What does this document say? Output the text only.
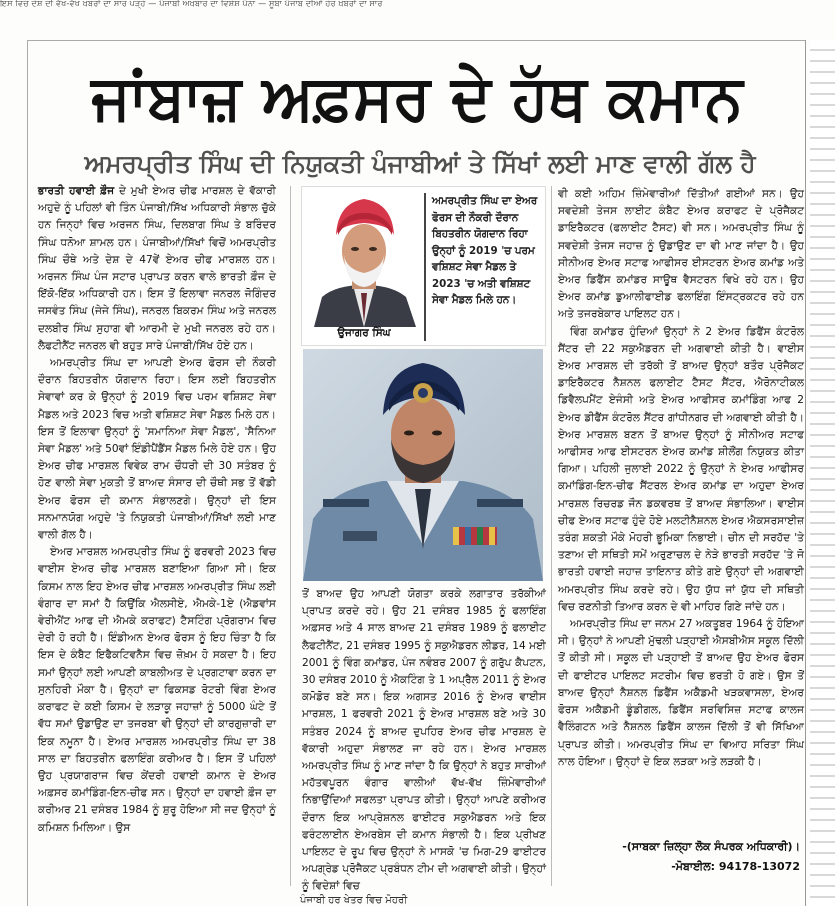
ਇਸ ਵਿਚ ਦੇਸ਼ ਦੀ ਵੱਖ-ਵੱਖ ਖ਼ਬਰਾਂ ਦਾ ਸਾਰ ਪੜ੍ਹੋ — ਪੰਜਾਬੀ ਅਖ਼ਬਾਰ ਦਾ ਵਿਸ਼ੇਸ਼ ਪੰਨਾ — ਸੂਬਾ ਪੰਜਾਬ ਦੀਆਂ ਹੋਰ ਖ਼ਬਰਾਂ ਦਾ ਸਾਰ
ਜਾਂਬਾਜ਼ ਅਫ਼ਸਰ ਦੇ ਹੱਥ ਕਮਾਨ
ਅਮਰਪ੍ਰੀਤ ਸਿੰਘ ਦੀ ਨਿਯੁਕਤੀ ਪੰਜਾਬੀਆਂ ਤੇ ਸਿੱਖਾਂ ਲਈ ਮਾਣ ਵਾਲੀ ਗੱਲ ਹੈ

ਭਾਰਤੀ ਹਵਾਈ ਫ਼ੌਜ ਦੇ ਮੁਖੀ ਏਅਰ ਚੀਫ ਮਾਰਸ਼ਲ ਦੇ ਵੱਕਾਰੀ ਅਹੁਦੇ ਨੂੰ ਪਹਿਲਾਂ ਵੀ ਤਿੰਨ ਪੰਜਾਬੀ/ਸਿੱਖ ਅਧਿਕਾਰੀ ਸੰਭਾਲ ਚੁੱਕੇ ਹਨ ਜਿਨ੍ਹਾਂ ਵਿਚ ਅਰਜਨ ਸਿੰਘ, ਦਿਲਬਾਗ ਸਿੰਘ ਤੇ ਬਰਿੰਦਰ ਸਿੰਘ ਧਨੋਆ ਸ਼ਾਮਲ ਹਨ। ਪੰਜਾਬੀਆਂ/ਸਿੱਖਾਂ ਵਿਚੋਂ ਅਮਰਪ੍ਰੀਤ ਸਿੰਘ ਚੌਥੇ ਅਤੇ ਦੇਸ਼ ਦੇ 47ਵੇਂ ਏਅਰ ਚੀਫ ਮਾਰਸ਼ਲ ਹਨ। ਅਰਜਨ ਸਿੰਘ ਪੰਜ ਸਟਾਰ ਪ੍ਰਾਪਤ ਕਰਨ ਵਾਲੇ ਭਾਰਤੀ ਫ਼ੌਜ ਦੇ ਇੱਕੋ-ਇੱਕ ਅਧਿਕਾਰੀ ਹਨ। ਇਸ ਤੋਂ ਇਲਾਵਾ ਜਨਰਲ ਜੋਗਿੰਦਰ ਜਸਵੰਤ ਸਿੰਘ (ਜੇਜੇ ਸਿੰਘ), ਜਨਰਲ ਬਿਕਰਮ ਸਿੰਘ ਅਤੇ ਜਨਰਲ ਦਲਬੀਰ ਸਿੰਘ ਸੁਹਾਗ ਵੀ ਆਰਮੀ ਦੇ ਮੁਖੀ ਜਨਰਲ ਰਹੇ ਹਨ। ਲੈਫਟੀਨੈਂਟ ਜਨਰਲ ਵੀ ਬਹੁਤ ਸਾਰੇ ਪੰਜਾਬੀ/ਸਿੱਖ ਹੋਏ ਹਨ।

ਅਮਰਪ੍ਰੀਤ ਸਿੰਘ ਦਾ ਆਪਣੀ ਏਅਰ ਫੋਰਸ ਦੀ ਨੌਕਰੀ ਦੌਰਾਨ ਬਿਹਤਰੀਨ ਯੋਗਦਾਨ ਰਿਹਾ। ਇਸ ਲਈ ਬਿਹਤਰੀਨ ਸੇਵਾਵਾਂ ਕਰ ਕੇ ਉਨ੍ਹਾਂ ਨੂੰ 2019 ਵਿਚ ਪਰਮ ਵਸ਼ਿਸ਼ਟ ਸੇਵਾ ਮੈਡਲ ਅਤੇ 2023 ਵਿਚ ਅਤੀ ਵਸ਼ਿਸ਼ਟ ਸੇਵਾ ਮੈਡਲ ਮਿਲੇ ਹਨ। ਇਸ ਤੋਂ ਇਲਾਵਾ ਉਨ੍ਹਾਂ ਨੂੰ 'ਸਮਾਨਿਆ ਸੇਵਾ ਮੈਡਲ', 'ਸੈਨਿਆ ਸੇਵਾ ਮੈਡਲ' ਅਤੇ 50ਵਾਂ ਇੰਡੀਪੈਂਡੈਂਸ ਮੈਡਲ ਮਿਲੇ ਹੋਏ ਹਨ। ਉਹ ਏਅਰ ਚੀਫ ਮਾਰਸ਼ਲ ਵਿਵੇਕ ਰਾਮ ਚੌਧਰੀ ਦੀ 30 ਸਤੰਬਰ ਨੂੰ ਹੋਣ ਵਾਲੀ ਸੇਵਾ ਮੁਕਤੀ ਤੋਂ ਬਾਅਦ ਸੰਸਾਰ ਦੀ ਚੌਥੀ ਸਭ ਤੋਂ ਵੱਡੀ ਏਅਰ ਫੋਰਸ ਦੀ ਕਮਾਨ ਸੰਭਾਲਣਗੇ। ਉਨ੍ਹਾਂ ਦੀ ਇਸ ਸਨਮਾਨਯੋਗ ਅਹੁਦੇ 'ਤੇ ਨਿਯੁਕਤੀ ਪੰਜਾਬੀਆਂ/ਸਿੱਖਾਂ ਲਈ ਮਾਣ ਵਾਲੀ ਗੱਲ ਹੈ।

ਏਅਰ ਮਾਰਸ਼ਲ ਅਮਰਪ੍ਰੀਤ ਸਿੰਘ ਨੂੰ ਫਰਵਰੀ 2023 ਵਿਚ ਵਾਈਸ ਏਅਰ ਚੀਫ ਮਾਰਸ਼ਲ ਬਣਾਇਆ ਗਿਆ ਸੀ। ਇਕ ਕਿਸਮ ਨਾਲ ਇਹ ਏਅਰ ਚੀਫ ਮਾਰਸ਼ਲ ਅਮਰਪ੍ਰੀਤ ਸਿੰਘ ਲਈ ਵੰਗਾਰ ਦਾ ਸਮਾਂ ਹੈ ਕਿਉਂਕਿ ਐਲਸੀਏ, ਐਮਕੇ-1ਏ (ਐਡਵਾਂਸ ਵੇਰੀਐਂਟ ਆਫ ਦੀ ਐਮਕੇ ਕਰਾਫਟ) ਟੈਸਟਿੰਗ ਪ੍ਰੋਗਰਾਮ ਵਿਚ ਦੇਰੀ ਹੋ ਰਹੀ ਹੈ। ਇੰਡੀਅਨ ਏਅਰ ਫੋਰਸ ਨੂੰ ਇਹ ਚਿੰਤਾ ਹੈ ਕਿ ਇਸ ਦੇ ਕੰਬੈਟ ਇਫੈਕਟਿਵਨੈਸ ਵਿਚ ਜ਼ੋਖ਼ਮ ਹੋ ਸਕਦਾ ਹੈ। ਇਹ ਸਮਾਂ ਉਨ੍ਹਾਂ ਲਈ ਆਪਣੀ ਕਾਬਲੀਅਤ ਦੇ ਪ੍ਰਗਟਾਵਾ ਕਰਨ ਦਾ ਸੁਨਹਿਰੀ ਮੌਕਾ ਹੈ। ਉਨ੍ਹਾਂ ਦਾ ਫਿਕਸਡ ਰੋਟਰੀ ਵਿੰਗ ਏਅਰ ਕਰਾਫਟ ਦੇ ਕਈ ਕਿਸਮ ਦੇ ਲੜਾਕੂ ਜਹਾਜ਼ਾਂ ਨੂੰ 5000 ਘੰਟੇ ਤੋਂ ਵੱਧ ਸਮਾਂ ਉਡਾਉਣ ਦਾ ਤਜਰਬਾ ਵੀ ਉਨ੍ਹਾਂ ਦੀ ਕਾਰਗੁਜ਼ਾਰੀ ਦਾ ਇਕ ਨਮੂਨਾ ਹੈ। ਏਅਰ ਮਾਰਸ਼ਲ ਅਮਰਪ੍ਰੀਤ ਸਿੰਘ ਦਾ 38 ਸਾਲ ਦਾ ਬਿਹਤਰੀਨ ਫਲਾਇੰਗ ਕਰੀਅਰ ਹੈ। ਇਸ ਤੋਂ ਪਹਿਲਾਂ ਉਹ ਪ੍ਰਯਾਗਰਾਜ ਵਿਚ ਕੇਂਦਰੀ ਹਵਾਈ ਕਮਾਨ ਦੇ ਏਅਰ ਅਫ਼ਸਰ ਕਮਾਂਡਿੰਗ-ਇਨ-ਚੀਫ ਸਨ। ਉਨ੍ਹਾਂ ਦਾ ਹਵਾਈ ਫ਼ੌਜ ਦਾ ਕਰੀਅਰ 21 ਦਸੰਬਰ 1984 ਨੂੰ ਸ਼ੁਰੂ ਹੋਇਆ ਸੀ ਜਦ ਉਨ੍ਹਾਂ ਨੂੰ ਕਮਿਸ਼ਨ ਮਿਲਿਆ। ਉਸ

ਉਜਾਗਰ ਸਿੰਘ
ਅਮਰਪ੍ਰੀਤ ਸਿੰਘ ਦਾ ਏਅਰ ਫੋਰਸ ਦੀ ਨੌਕਰੀ ਦੌਰਾਨ ਬਿਹਤਰੀਨ ਯੋਗਦਾਨ ਰਿਹਾ ਉਨ੍ਹਾਂ ਨੂੰ 2019 'ਚ ਪਰਮ ਵਸ਼ਿਸ਼ਟ ਸੇਵਾ ਮੈਡਲ ਤੇ 2023 'ਚ ਅਤੀ ਵਸ਼ਿਸ਼ਟ ਸੇਵਾ ਮੈਡਲ ਮਿਲੇ ਹਨ।

ਤੋਂ ਬਾਅਦ ਉਹ ਆਪਣੀ ਯੋਗਤਾ ਕਰਕੇ ਲਗਾਤਾਰ ਤਰੱਕੀਆਂ ਪ੍ਰਾਪਤ ਕਰਦੇ ਰਹੇ। ਉਹ 21 ਦਸੰਬਰ 1985 ਨੂੰ ਫਲਾਇੰਗ ਅਫ਼ਸਰ ਅਤੇ 4 ਸਾਲ ਬਾਅਦ 21 ਦਸੰਬਰ 1989 ਨੂੰ ਫਲਾਈਟ ਲੈਫਟੀਨੈਂਟ, 21 ਦਸੰਬਰ 1995 ਨੂੰ ਸਕੁਐਡਰਨ ਲੀਡਰ, 14 ਮਈ 2001 ਨੂੰ ਵਿੰਗ ਕਮਾਂਡਰ, ਪੰਜ ਨਵੰਬਰ 2007 ਨੂੰ ਗਰੁੱਪ ਕੈਪਟਨ, 30 ਦਸੰਬਰ 2010 ਨੂੰ ਐਕਟਿੰਗ ਤੇ 1 ਅਪ੍ਰੈਲ 2011 ਨੂੰ ਏਅਰ ਕਮੋਡੋਰ ਬਣੇ ਸਨ। ਇਕ ਅਗਸਤ 2016 ਨੂੰ ਏਅਰ ਵਾਈਸ ਮਾਰਸ਼ਲ, 1 ਫਰਵਰੀ 2021 ਨੂੰ ਏਅਰ ਮਾਰਸ਼ਲ ਬਣੇ ਅਤੇ 30 ਸਤੰਬਰ 2024 ਨੂੰ ਬਾਅਦ ਦੁਪਹਿਰ ਏਅਰ ਚੀਫ ਮਾਰਸ਼ਲ ਦੇ ਵੱਕਾਰੀ ਅਹੁਦਾ ਸੰਭਾਲਣ ਜਾ ਰਹੇ ਹਨ। ਏਅਰ ਮਾਰਸ਼ਲ ਅਮਰਪ੍ਰੀਤ ਸਿੰਘ ਨੂੰ ਮਾਣ ਜਾਂਦਾ ਹੈ ਕਿ ਉਨ੍ਹਾਂ ਨੇ ਬਹੁਤ ਸਾਰੀਆਂ ਮਹੱਤਵਪੂਰਨ ਵੰਗਾਰ ਵਾਲੀਆਂ ਵੱਖ-ਵੱਖ ਜ਼ਿੰਮੇਵਾਰੀਆਂ ਨਿਭਾਉਂਦਿਆਂ ਸਫਲਤਾ ਪ੍ਰਾਪਤ ਕੀਤੀ। ਉਨ੍ਹਾਂ ਆਪਣੇ ਕਰੀਅਰ ਦੌਰਾਨ ਇਕ ਆਪ੍ਰੇਸ਼ਨਲ ਫਾਈਟਰ ਸਕੁਐਡਰਨ ਅਤੇ ਇਕ ਫਰੰਟਲਾਈਨ ਏਅਰਬੇਸ ਦੀ ਕਮਾਨ ਸੰਭਾਲੀ ਹੈ। ਇਕ ਪ੍ਰੀਖਣ ਪਾਇਲਟ ਦੇ ਰੂਪ ਵਿਚ ਉਨ੍ਹਾਂ ਨੇ ਮਾਸਕੋ 'ਚ ਮਿਗ-29 ਫਾਈਟਰ ਅਪਗ੍ਰੇਡ ਪ੍ਰੋਜੈਕਟ ਪ੍ਰਬੰਧਨ ਟੀਮ ਦੀ ਅਗਵਾਈ ਕੀਤੀ। ਉਨ੍ਹਾਂ ਨੂੰ ਵਿਦੇਸ਼ਾਂ ਵਿਚ

ਵੀ ਕਈ ਅਹਿਮ ਜ਼ਿੰਮੇਵਾਰੀਆਂ ਦਿੱਤੀਆਂ ਗਈਆਂ ਸਨ। ਉਹ ਸਵਦੇਸ਼ੀ ਤੇਜਸ ਲਾਈਟ ਕੰਬੈਟ ਏਅਰ ਕਰਾਫਟ ਦੇ ਪ੍ਰੋਜੈਕਟ ਡਾਇਰੈਕਟਰ (ਫਲਾਈਟ ਟੈਸਟ) ਵੀ ਸਨ। ਅਮਰਪ੍ਰੀਤ ਸਿੰਘ ਨੂੰ ਸਵਦੇਸ਼ੀ ਤੇਜਸ ਜਹਾਜ਼ ਨੂੰ ਉਡਾਉਣ ਦਾ ਵੀ ਮਾਣ ਜਾਂਦਾ ਹੈ। ਉਹ ਸੀਨੀਅਰ ਏਅਰ ਸਟਾਫ ਆਫੀਸਰ ਈਸਟਰਨ ਏਅਰ ਕਮਾਂਡ ਅਤੇ ਏਅਰ ਡਿਫੈਂਸ ਕਮਾਂਡਰ ਸਾਊਥ ਵੈਸਟਰਨ ਵਿਖੇ ਰਹੇ ਹਨ। ਉਹ ਏਅਰ ਕਮਾਂਡ ਡੁਆਲੀਫਾਈਡ ਫਲਾਇੰਗ ਇੰਸਟ੍ਰਕਟਰ ਰਹੇ ਹਨ ਅਤੇ ਤਜਰਬੇਕਾਰ ਪਾਇਲਟ ਹਨ।

ਵਿੰਗ ਕਮਾਂਡਰ ਹੁੰਦਿਆਂ ਉਨ੍ਹਾਂ ਨੇ 2 ਏਅਰ ਡਿਫੈਂਸ ਕੰਟਰੋਲ ਸੈਂਟਰ ਦੀ 22 ਸਕੁਐਡਰਨ ਦੀ ਅਗਵਾਈ ਕੀਤੀ ਹੈ। ਵਾਈਸ ਏਅਰ ਮਾਰਸ਼ਲ ਦੀ ਤਰੱਕੀ ਤੋਂ ਬਾਅਦ ਉਨ੍ਹਾਂ ਬਤੌਰ ਪ੍ਰੋਜੈਕਟ ਡਾਇਰੈਕਟਰ ਨੈਸ਼ਨਲ ਫਲਾਈਟ ਟੈਸਟ ਸੈਂਟਰ, ਐਰੋਨਾਟੀਕਲ ਡਿਵੈਲਪਮੈਂਟ ਏਜੰਸੀ ਅਤੇ ਏਅਰ ਆਫੀਸਰ ਕਮਾਂਡਿੰਗ ਆਫ 2 ਏਅਰ ਡੀਫੈਂਸ ਕੰਟਰੋਲ ਸੈਂਟਰ ਗਾਂਧੀਨਗਰ ਦੀ ਅਗਵਾਈ ਕੀਤੀ ਹੈ। ਏਅਰ ਮਾਰਸ਼ਲ ਬਣਨ ਤੋਂ ਬਾਅਦ ਉਨ੍ਹਾਂ ਨੂੰ ਸੀਨੀਅਰ ਸਟਾਫ ਆਫੀਸਰ ਆਫ ਈਸਟਰਨ ਏਅਰ ਕਮਾਂਡ ਸ਼ੀਲੌਂਗ ਨਿਯੁਕਤ ਕੀਤਾ ਗਿਆ। ਪਹਿਲੀ ਜੁਲਾਈ 2022 ਨੂੰ ਉਨ੍ਹਾਂ ਨੇ ਏਅਰ ਆਫੀਸਰ ਕਮਾਂਡਿੰਗ-ਇਨ-ਚੀਫ ਸੈਂਟਰਲ ਏਅਰ ਕਮਾਂਡ ਦਾ ਅਹੁਦਾ ਏਅਰ ਮਾਰਸ਼ਲ ਰਿਚਰਡ ਜੌਨ ਡਕਵਰਥ ਤੋਂ ਬਾਅਦ ਸੰਭਾਲਿਆ। ਵਾਈਸ ਚੀਫ ਏਅਰ ਸਟਾਫ ਹੁੰਦੇ ਹੋਏ ਮਲਟੀਨੈਸ਼ਨਲ ਏਅਰ ਐਕਸਰਸਾਈਜ਼ ਤਰੰਗ ਸ਼ਕਤੀ ਮੌਕੇ ਮੋਹਰੀ ਭੂਮਿਕਾ ਨਿਭਾਈ। ਚੀਨ ਦੀ ਸਰਹੱਦ 'ਤੇ ਤਣਾਅ ਦੀ ਸਥਿਤੀ ਸਮੇਂ ਅਰੁਣਾਚਲ ਦੇ ਨੇੜੇ ਭਾਰਤੀ ਸਰਹੱਦ 'ਤੇ ਜੋ ਭਾਰਤੀ ਹਵਾਈ ਜਹਾਜ਼ ਤਾਇਨਾਤ ਕੀਤੇ ਗਏ ਉਨ੍ਹਾਂ ਦੀ ਅਗਵਾਈ ਅਮਰਪ੍ਰੀਤ ਸਿੰਘ ਕਰਦੇ ਰਹੇ। ਉਹ ਯੁੱਧ ਜਾਂ ਯੁੱਧ ਦੀ ਸਥਿਤੀ ਵਿਚ ਰਣਨੀਤੀ ਤਿਆਰ ਕਰਨ ਦੇ ਵੀ ਮਾਹਿਰ ਗਿਣੇ ਜਾਂਦੇ ਹਨ।

ਅਮਰਪ੍ਰੀਤ ਸਿੰਘ ਦਾ ਜਨਮ 27 ਅਕਤੂਬਰ 1964 ਨੂੰ ਹੋਇਆ ਸੀ। ਉਨ੍ਹਾਂ ਨੇ ਆਪਣੀ ਮੁੱਢਲੀ ਪੜ੍ਹਾਈ ਐਸਬੀਐਸ ਸਕੂਲ ਦਿੱਲੀ ਤੋਂ ਕੀਤੀ ਸੀ। ਸਕੂਲ ਦੀ ਪੜ੍ਹਾਈ ਤੋਂ ਬਾਅਦ ਉਹ ਏਅਰ ਫੋਰਸ ਦੀ ਫਾਈਟਰ ਪਾਇਲਟ ਸਟਰੀਮ ਵਿਚ ਭਰਤੀ ਹੋ ਗਏ। ਉਸ ਤੋਂ ਬਾਅਦ ਉਨ੍ਹਾਂ ਨੈਸ਼ਨਲ ਡਿਫੈਂਸ ਅਕੈਡਮੀ ਖੜਕਵਾਸਲਾ, ਏਅਰ ਫੋਰਸ ਅਕੈਡਮੀ ਡੂੰਡੀਗਲ, ਡਿਫੈਂਸ ਸਰਵਿਸਿਜ਼ ਸਟਾਫ ਕਾਲਜ ਵੈਲਿੰਗਟਨ ਅਤੇ ਨੈਸ਼ਨਲ ਡਿਫੈਂਸ ਕਾਲਜ ਦਿੱਲੀ ਤੋਂ ਵੀ ਸਿੱਖਿਆ ਪ੍ਰਾਪਤ ਕੀਤੀ। ਅਮਰਪ੍ਰੀਤ ਸਿੰਘ ਦਾ ਵਿਆਹ ਸਰਿਤਾ ਸਿੰਘ ਨਾਲ ਹੋਇਆ। ਉਨ੍ਹਾਂ ਦੇ ਇਕ ਲੜਕਾ ਅਤੇ ਲੜਕੀ ਹੈ।

-(ਸਾਬਕਾ ਜ਼ਿਲ੍ਹਾ ਲੋਕ ਸੰਪਰਕ ਅਧਿਕਾਰੀ)।
-ਮੋਬਾਈਲ: 94178-13072
ਪੰਜਾਬੀ ਹਰ ਖੇਤਰ ਵਿਚ ਮੋਹਰੀ
